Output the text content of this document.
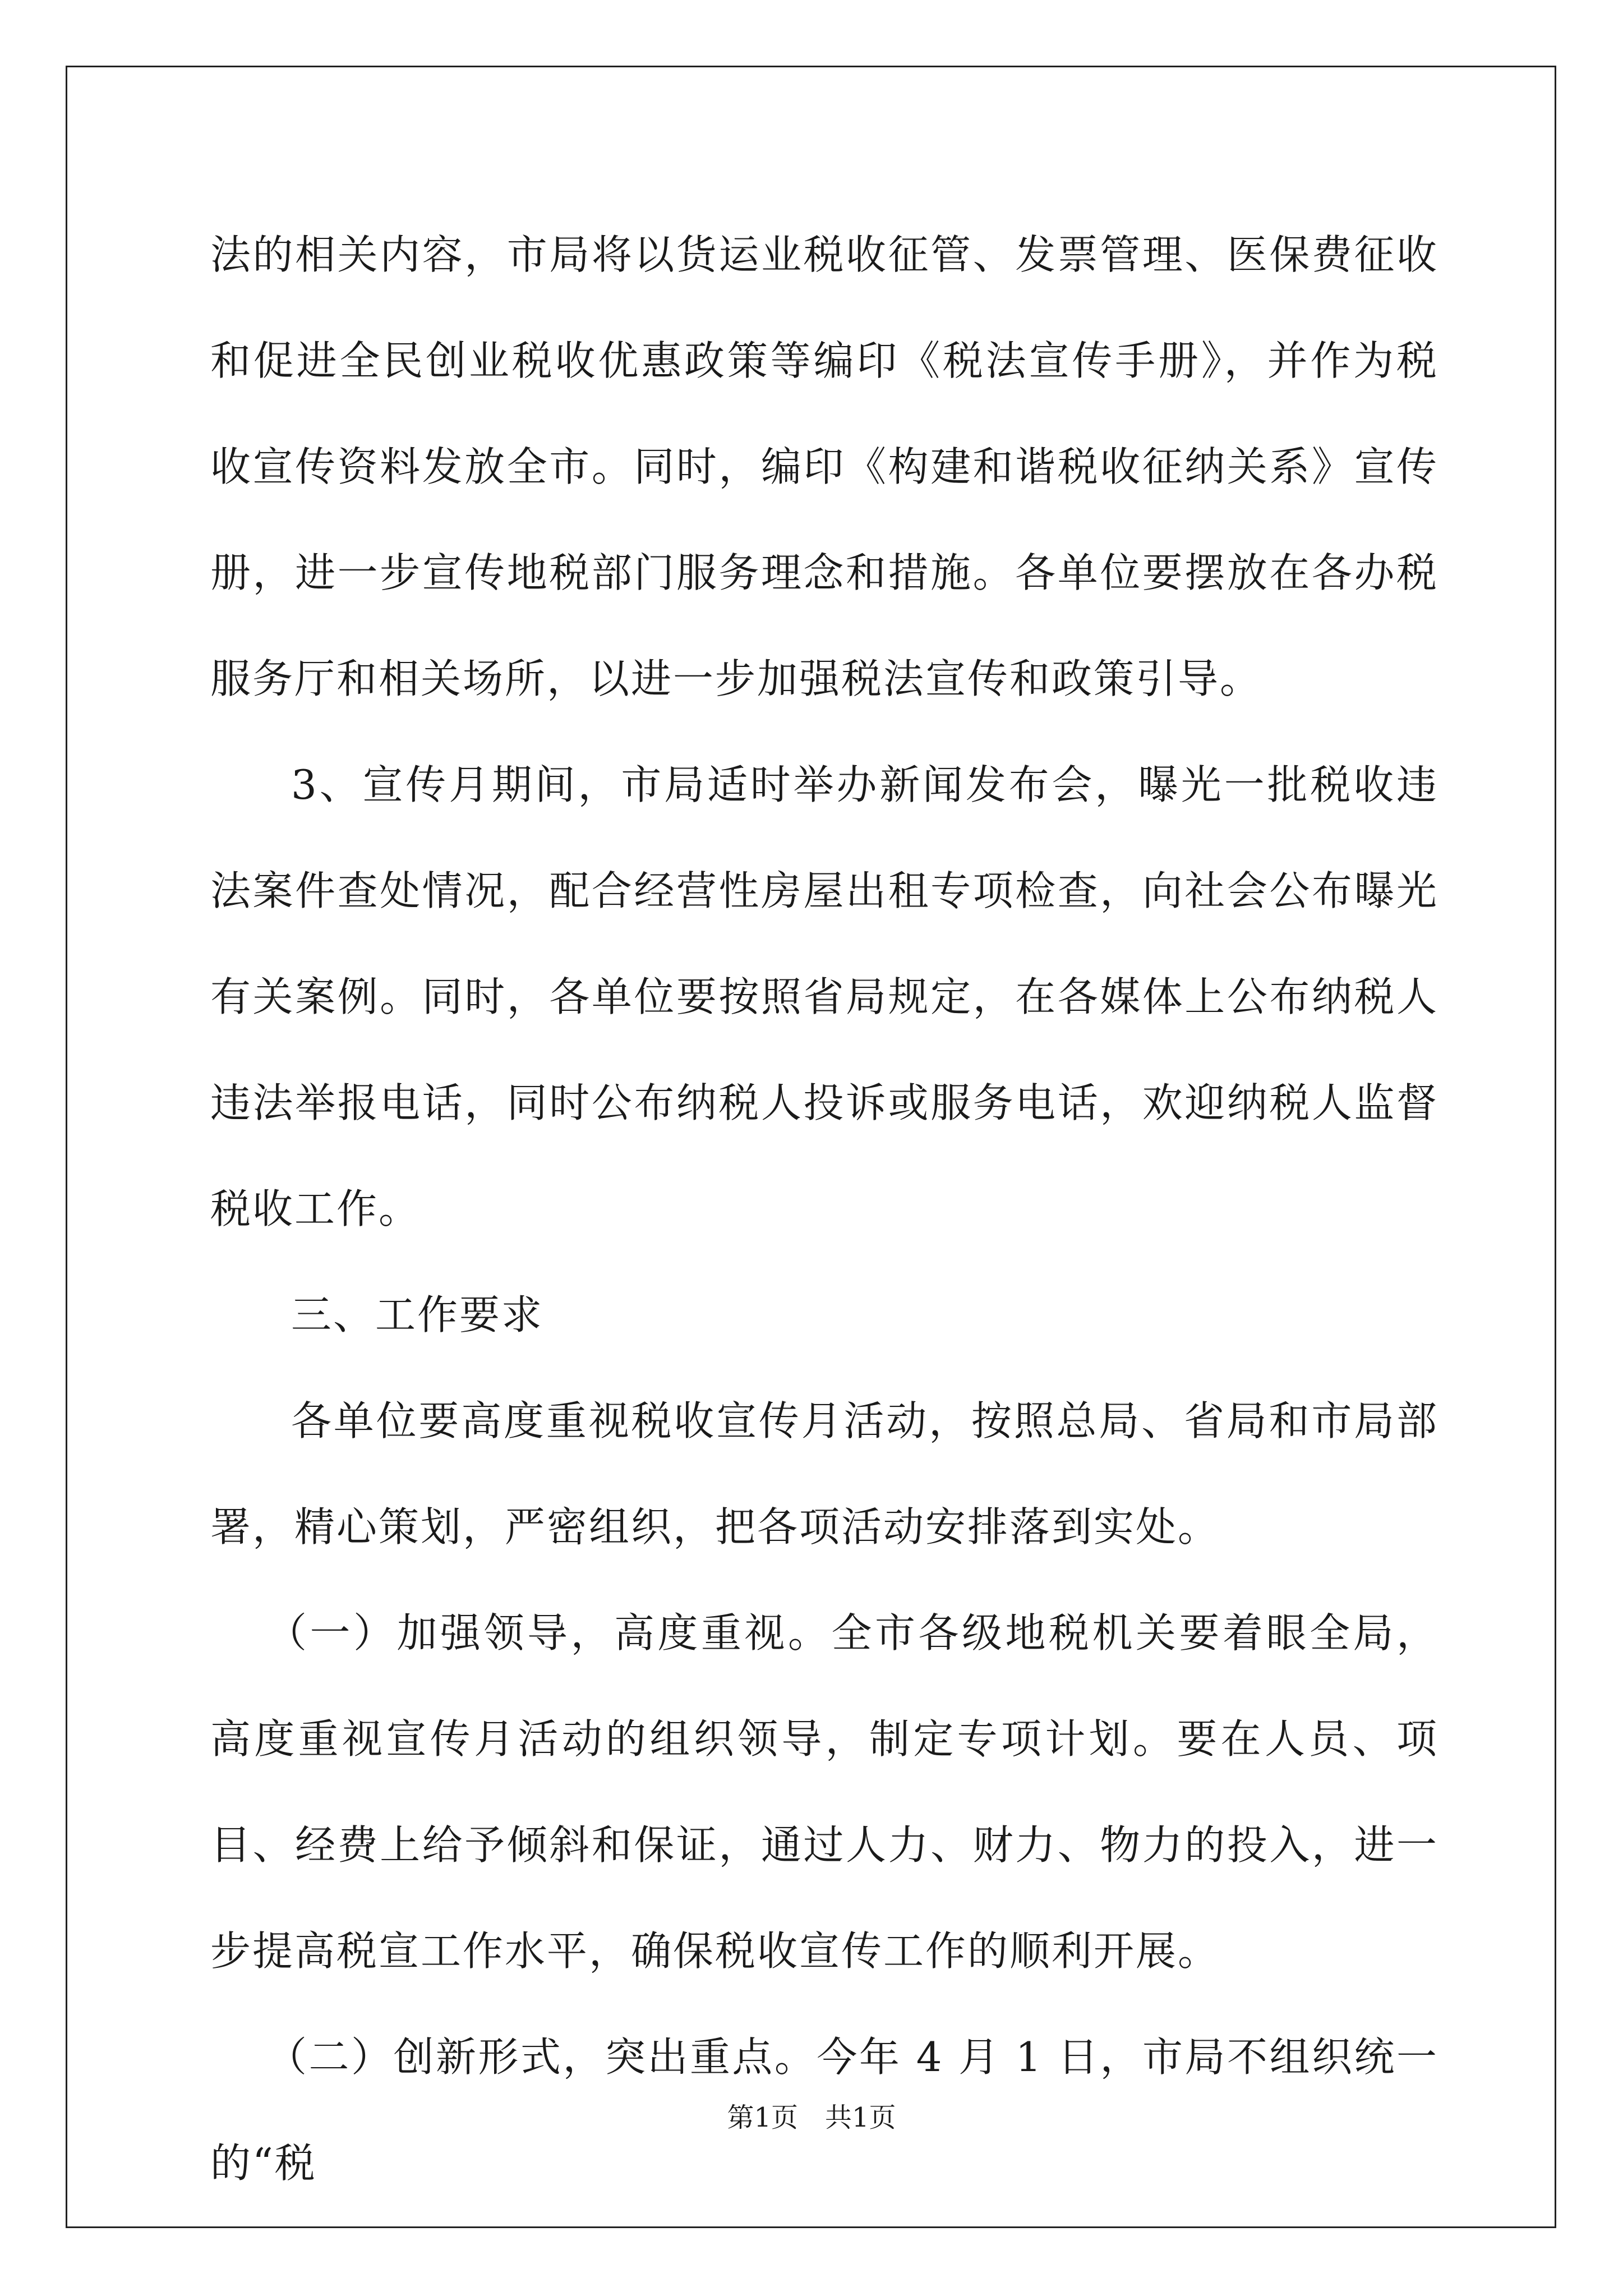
法的相关内容，市局将以货运业税收征管、发票管理、医保费征收和促进全民创业税收优惠政策等编印《税法宣传手册》，并作为税收宣传资料发放全市。同时，编印《构建和谐税收征纳关系》宣传册，进一步宣传地税部门服务理念和措施。各单位要摆放在各办税服务厅和相关场所，以进一步加强税法宣传和政策引导。

3、宣传月期间，市局适时举办新闻发布会，曝光一批税收违法案件查处情况，配合经营性房屋出租专项检查，向社会公布曝光有关案例。同时，各单位要按照省局规定，在各媒体上公布纳税人违法举报电话，同时公布纳税人投诉或服务电话，欢迎纳税人监督税收工作。

三、工作要求

各单位要高度重视税收宣传月活动，按照总局、省局和市局部署，精心策划，严密组织，把各项活动安排落到实处。

（一）加强领导，高度重视。全市各级地税机关要着眼全局，高度重视宣传月活动的组织领导，制定专项计划。要在人员、项目、经费上给予倾斜和保证，通过人力、财力、物力的投入，进一步提高税宣工作水平，确保税收宣传工作的顺利开展。

（二）创新形式，突出重点。今年 4 月 1 日，市局不组织统一的“税

第1页　共1页
